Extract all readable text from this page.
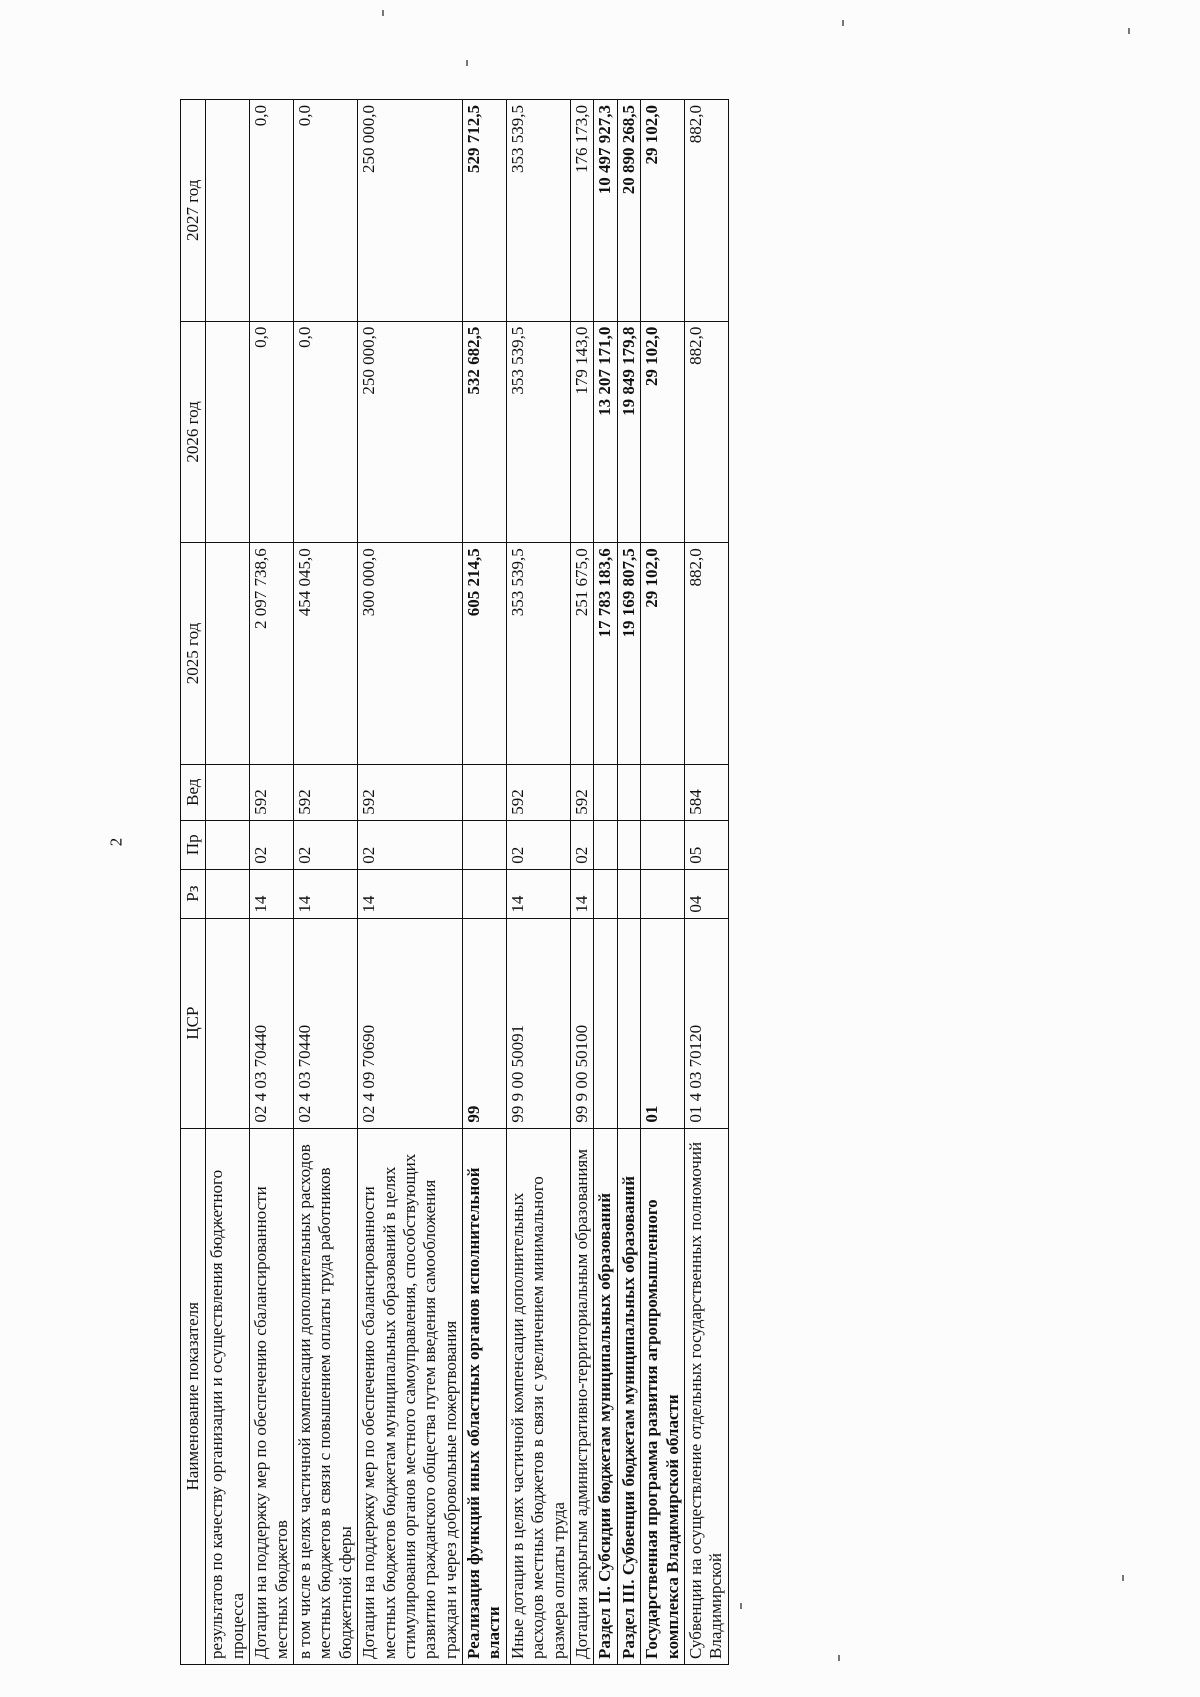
2
Наименование показателя	ЦСР	Рз	Пр	Вед	2025 год	2026 год	2027 год
результатов по качеству организации и осуществления бюджетного процесса							
Дотации на поддержку мер по обеспечению сбалансированности местных бюджетов	02 4 03 70440	14	02	592	2 097 738,6	0,0	0,0
в том числе в целях частичной компенсации дополнительных расходов местных бюджетов в связи с повышением оплаты труда работников бюджетной сферы	02 4 03 70440	14	02	592	454 045,0	0,0	0,0
Дотации на поддержку мер по обеспечению сбалансированности местных бюджетов бюджетам муниципальных образований в целях стимулирования органов местного самоуправления, способствующих развитию гражданского общества путем введения самообложения граждан и через добровольные пожертвования	02 4 09 70690	14	02	592	300 000,0	250 000,0	250 000,0
Реализация функций иных областных органов исполнительной власти	99				605 214,5	532 682,5	529 712,5
Иные дотации в целях частичной компенсации дополнительных расходов местных бюджетов в связи с увеличением минимального размера оплаты труда	99 9 00 50091	14	02	592	353 539,5	353 539,5	353 539,5
Дотации закрытым административно-территориальным образованиям	99 9 00 50100	14	02	592	251 675,0	179 143,0	176 173,0
Раздел II. Субсидии бюджетам муниципальных образований					17 783 183,6	13 207 171,0	10 497 927,3
Раздел III. Субвенции бюджетам муниципальных образований					19 169 807,5	19 849 179,8	20 890 268,5
Государственная программа развития агропромышленного комплекса Владимирской области	01				29 102,0	29 102,0	29 102,0
Субвенции на осуществление отдельных государственных полномочий Владимирской	01 4 03 70120	04	05	584	882,0	882,0	882,0
